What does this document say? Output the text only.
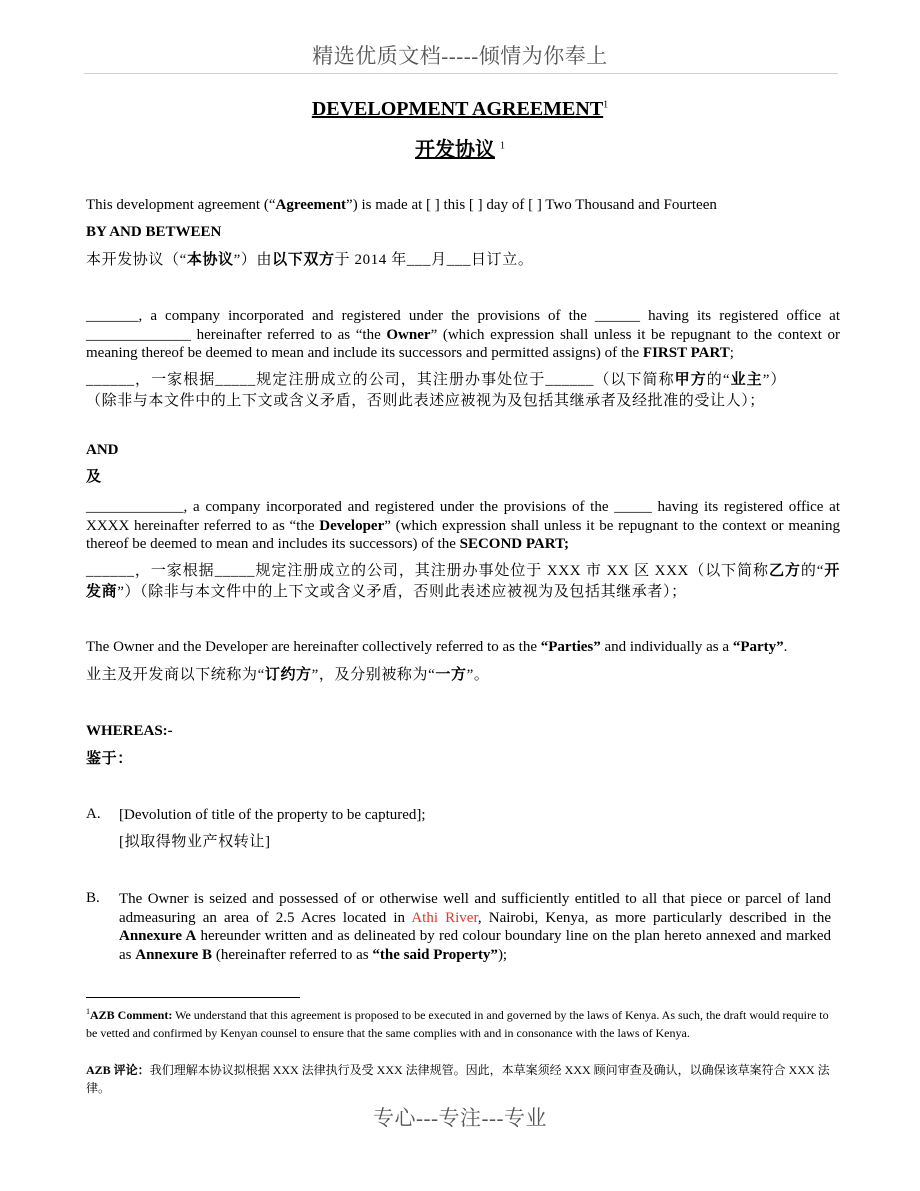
精选优质文档-----倾情为你奉上
DEVELOPMENT AGREEMENT$^1$
开发协议 $^1$
This development agreement (“Agreement”) is made at [ ] this [ ] day of [ ] Two Thousand and Fourteen
BY AND BETWEEN
本开发协议（“本协议”）由以下双方于 2014 年___月___日订立。
_______, a company incorporated and registered under the provisions of the ______ having its registered office at ______________ hereinafter referred to as “the Owner” (which expression shall unless it be repugnant to the context or meaning thereof be deemed to mean and include its successors and permitted assigns) of the FIRST PART;
______，一家根据_____规定注册成立的公司，其注册办事处位于______（以下简称甲方的“业主”）（除非与本文件中的上下文或含义矛盾，否则此表述应被视为及包括其继承者及经批准的受让人）；
AND
及
_____________, a company incorporated and registered under the provisions of the _____ having its registered office at XXXX hereinafter referred to as “the Developer” (which expression shall unless it be repugnant to the context or meaning thereof be deemed to mean and includes its successors) of the SECOND PART;
______，一家根据_____规定注册成立的公司，其注册办事处位于 XXX 市 XX 区 XXX（以下简称乙方的“开发商”）（除非与本文件中的上下文或含义矛盾，否则此表述应被视为及包括其继承者）；
The Owner and the Developer are hereinafter collectively referred to as the “Parties” and individually as a “Party”.
业主及开发商以下统称为“订约方”，及分别被称为“一方”。
WHEREAS:-
鉴于：
A. [Devolution of title of the property to be captured];
[拟取得物业产权转让]
B. The Owner is seized and possessed of or otherwise well and sufficiently entitled to all that piece or parcel of land admeasuring an area of 2.5 Acres located in Athi River, Nairobi, Kenya, as more particularly described in the Annexure A hereunder written and as delineated by red colour boundary line on the plan hereto annexed and marked as Annexure B (hereinafter referred to as “the said Property”);
$^1$AZB Comment: We understand that this agreement is proposed to be executed in and governed by the laws of Kenya. As such, the draft would require to be vetted and confirmed by Kenyan counsel to ensure that the same complies with and in consonance with the laws of Kenya.
AZB 评论：我们理解本协议拟根据 XXX 法律执行及受 XXX 法律规管。因此，本草案须经 XXX 顾问审查及确认，以确保该草案符合 XXX 法律。
专心---专注---专业
